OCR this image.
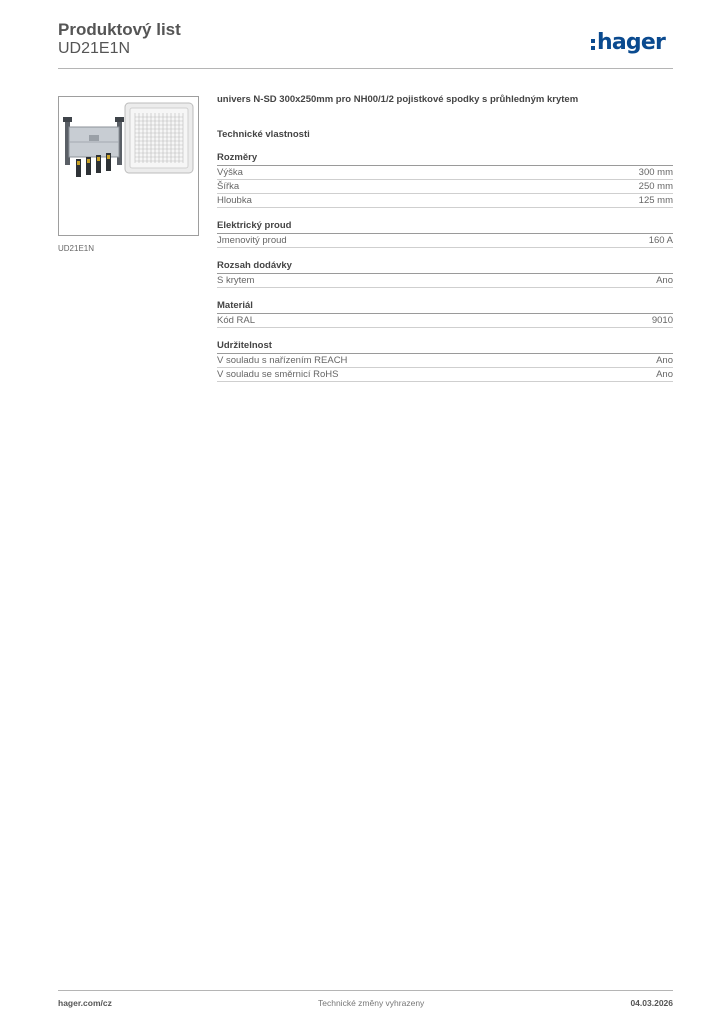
Produktový list
UD21E1N	hager
UD21E1N
univers N-SD 300x250mm pro NH00/1/2 pojistkové spodky s průhledným krytem
Technické vlastnosti
Rozměry
Výška	300 mm
Šířka	250 mm
Hloubka	125 mm
Elektrický proud
Jmenovitý proud	160 A
Rozsah dodávky
S krytem	Ano
Materiál
Kód RAL	9010
Udržitelnost
V souladu s nařízením REACH	Ano
V souladu se směrnicí RoHS	Ano
hager.com/cz	Technické změny vyhrazeny	04.03.2026
